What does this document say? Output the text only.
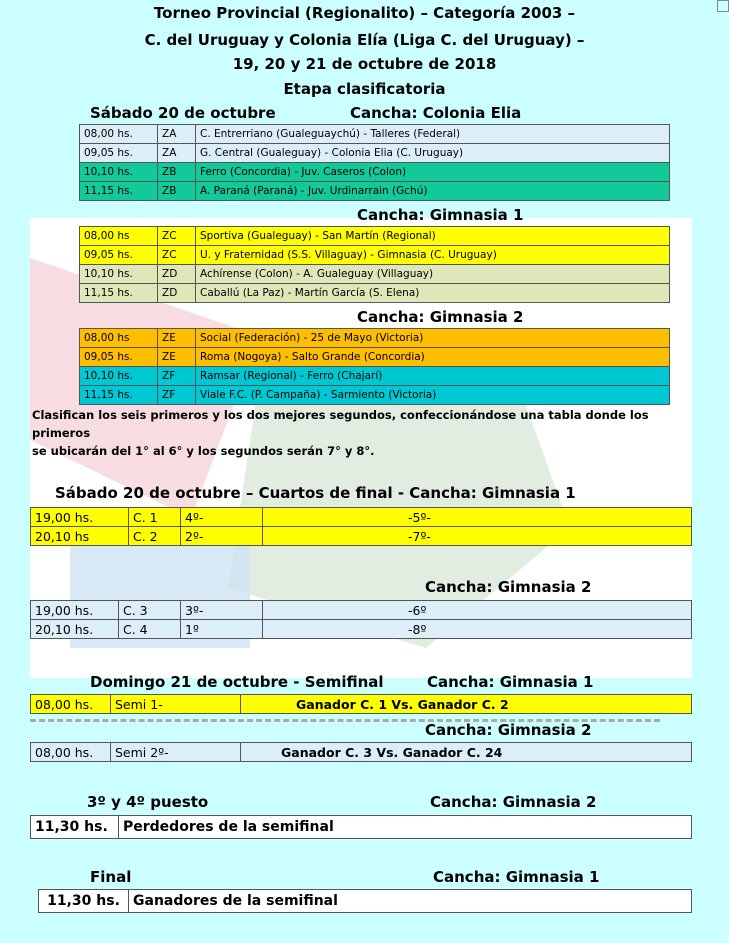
Torneo Provincial (Regionalito) – Categoría 2003 –
C. del Uruguay y Colonia Elía (Liga C. del Uruguay) –
19, 20 y 21 de octubre de 2018
Etapa clasificatoria
Sábado 20 de octubre	Cancha: Colonia Elia
08,00 hs.	ZA	C. Entrerriano (Gualeguaychú) - Talleres (Federal)
09,05 hs.	ZA	G. Central (Gualeguay) - Colonia Elia (C. Uruguay)
10,10 hs.	ZB	Ferro (Concordia) - Juv. Caseros (Colon)
11,15 hs.	ZB	A. Paraná (Paraná) - Juv. Urdinarrain (Gchú)
Cancha: Gimnasia 1
08,00 hs	ZC	Sportiva (Gualeguay) - San Martín (Regional)
09,05 hs.	ZC	U. y Fraternidad (S.S. Villaguay) - Gimnasia (C. Uruguay)
10,10 hs.	ZD	Achírense (Colon) - A. Gualeguay (Villaguay)
11,15 hs.	ZD	Caballú (La Paz) - Martín García (S. Elena)
Cancha: Gimnasia 2
08,00 hs	ZE	Social (Federación) - 25 de Mayo (Victoria)
09,05 hs.	ZE	Roma (Nogoya) - Salto Grande (Concordia)
10,10 hs.	ZF	Ramsar (Regional) - Ferro (Chajarí)
11,15 hs.	ZF	Viale F.C. (P. Campaña) - Sarmiento (Victoria)
Clasifican los seis primeros y los dos mejores segundos, confeccionándose una tabla donde los primeros
se ubicarán del 1° al 6° y los segundos serán 7° y 8°.
Sábado 20 de octubre – Cuartos de final - Cancha: Gimnasia 1
19,00 hs.	C. 1	4º-	-5º-
20,10 hs	C. 2	2º-	-7º-
Cancha: Gimnasia 2
19,00 hs.	C. 3	3º-	-6º
20,10 hs.	C. 4	1º	-8º
Domingo 21 de octubre - Semifinal	Cancha: Gimnasia 1
08,00 hs.	Semi 1-	Ganador C. 1 Vs. Ganador C. 2
Cancha: Gimnasia 2
08,00 hs.	Semi 2º-	Ganador C. 3 Vs. Ganador C. 24
3º y 4º puesto	Cancha: Gimnasia 2
11,30 hs.	Perdedores de la semifinal
Final	Cancha: Gimnasia 1
11,30 hs.	Ganadores de la semifinal
